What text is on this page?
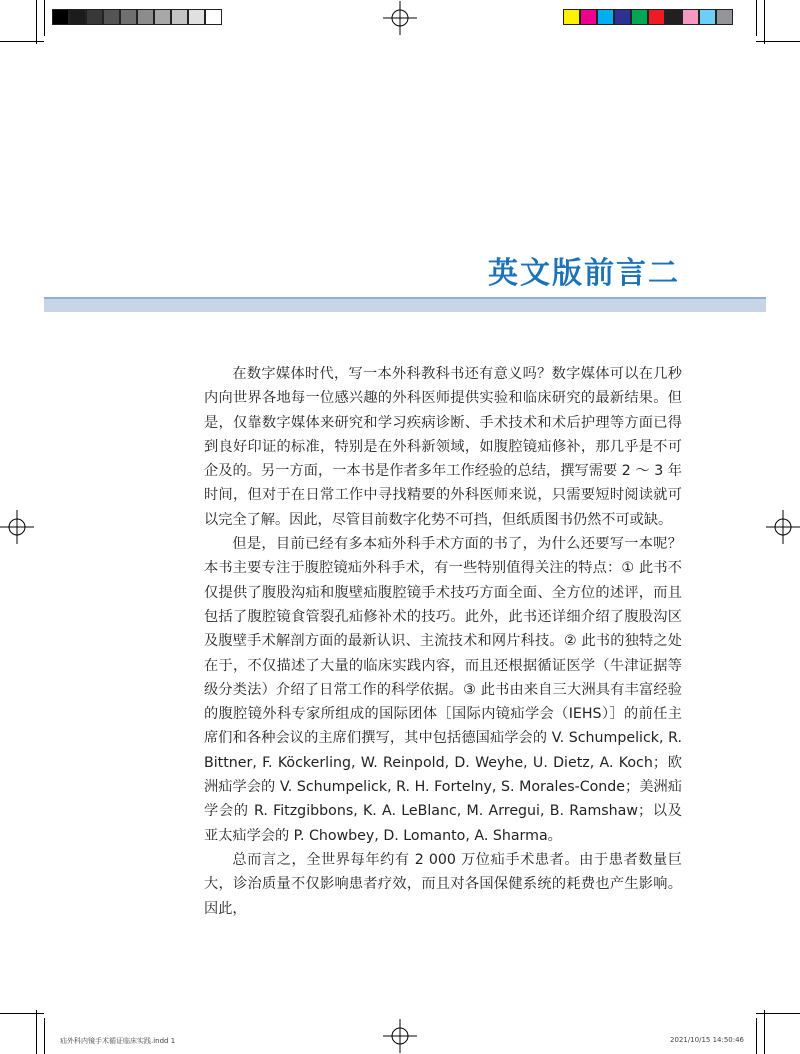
英文版前言二

在数字媒体时代，写一本外科教科书还有意义吗？数字媒体可以在几秒内向世界各地每一位感兴趣的外科医师提供实验和临床研究的最新结果。但是，仅靠数字媒体来研究和学习疾病诊断、手术技术和术后护理等方面已得到良好印证的标准，特别是在外科新领域，如腹腔镜疝修补，那几乎是不可企及的。另一方面，一本书是作者多年工作经验的总结，撰写需要 2 ～ 3 年时间，但对于在日常工作中寻找精要的外科医师来说，只需要短时阅读就可以完全了解。因此，尽管目前数字化势不可挡，但纸质图书仍然不可或缺。

但是，目前已经有多本疝外科手术方面的书了，为什么还要写一本呢？本书主要专注于腹腔镜疝外科手术，有一些特别值得关注的特点：① 此书不仅提供了腹股沟疝和腹壁疝腹腔镜手术技巧方面全面、全方位的述评，而且包括了腹腔镜食管裂孔疝修补术的技巧。此外，此书还详细介绍了腹股沟区及腹壁手术解剖方面的最新认识、主流技术和网片科技。② 此书的独特之处在于，不仅描述了大量的临床实践内容，而且还根据循证医学（牛津证据等级分类法）介绍了日常工作的科学依据。③ 此书由来自三大洲具有丰富经验的腹腔镜外科专家所组成的国际团体［国际内镜疝学会（IEHS）］的前任主席们和各种会议的主席们撰写，其中包括德国疝学会的 V. Schumpelick, R. Bittner, F. Köckerling, W. Reinpold, D. Weyhe, U. Dietz, A. Koch；欧洲疝学会的 V. Schumpelick, R. H. Fortelny, S. Morales-Conde；美洲疝学会的 R. Fitzgibbons, K. A. LeBlanc, M. Arregui, B. Ramshaw；以及亚太疝学会的 P. Chowbey, D. Lomanto, A. Sharma。

总而言之，全世界每年约有 2 000 万位疝手术患者。由于患者数量巨大，诊治质量不仅影响患者疗效，而且对各国保健系统的耗费也产生影响。因此，

疝外科内镜手术循证临床实践.indd 1	2021/10/15 14:50:46
